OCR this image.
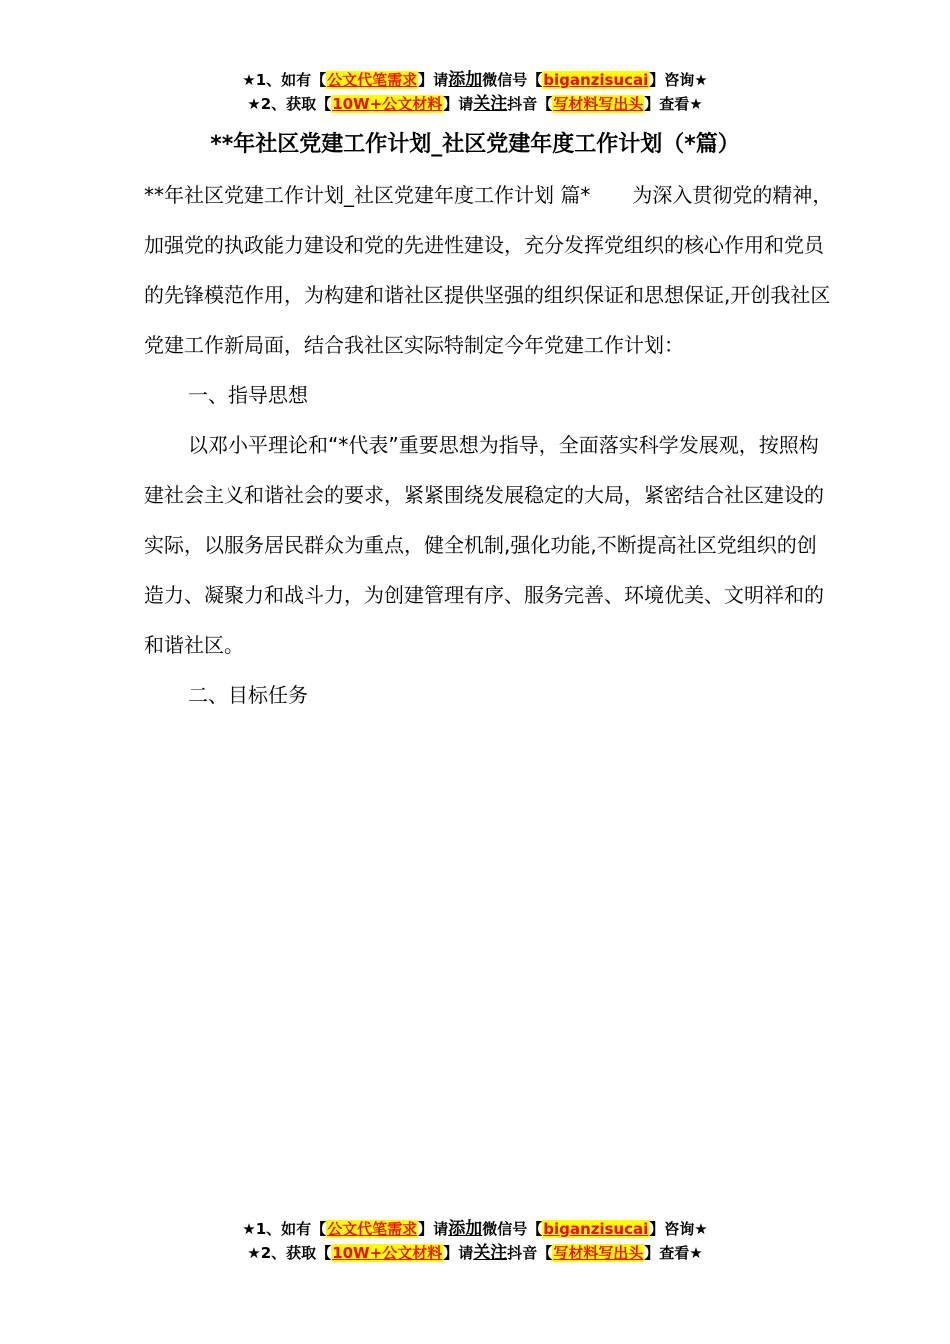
★1、如有【公文代笔需求】请添加微信号【biganzisucai】咨询★
★2、获取【10W+公文材料】请关注抖音【写材料写出头】查看★
**年社区党建工作计划_社区党建年度工作计划（*篇）

**年社区党建工作计划_社区党建年度工作计划 篇* 为深入贯彻党的精神，加强党的执政能力建设和党的先进性建设，充分发挥党组织的核心作用和党员的先锋模范作用，为构建和谐社区提供坚强的组织保证和思想保证,开创我社区党建工作新局面，结合我社区实际特制定今年党建工作计划：

一、指导思想

以邓小平理论和“*代表”重要思想为指导，全面落实科学发展观，按照构建社会主义和谐社会的要求，紧紧围绕发展稳定的大局，紧密结合社区建设的实际，以服务居民群众为重点，健全机制,强化功能,不断提高社区党组织的创造力、凝聚力和战斗力，为创建管理有序、服务完善、环境优美、文明祥和的和谐社区。

二、目标任务

★1、如有【公文代笔需求】请添加微信号【biganzisucai】咨询★
★2、获取【10W+公文材料】请关注抖音【写材料写出头】查看★
